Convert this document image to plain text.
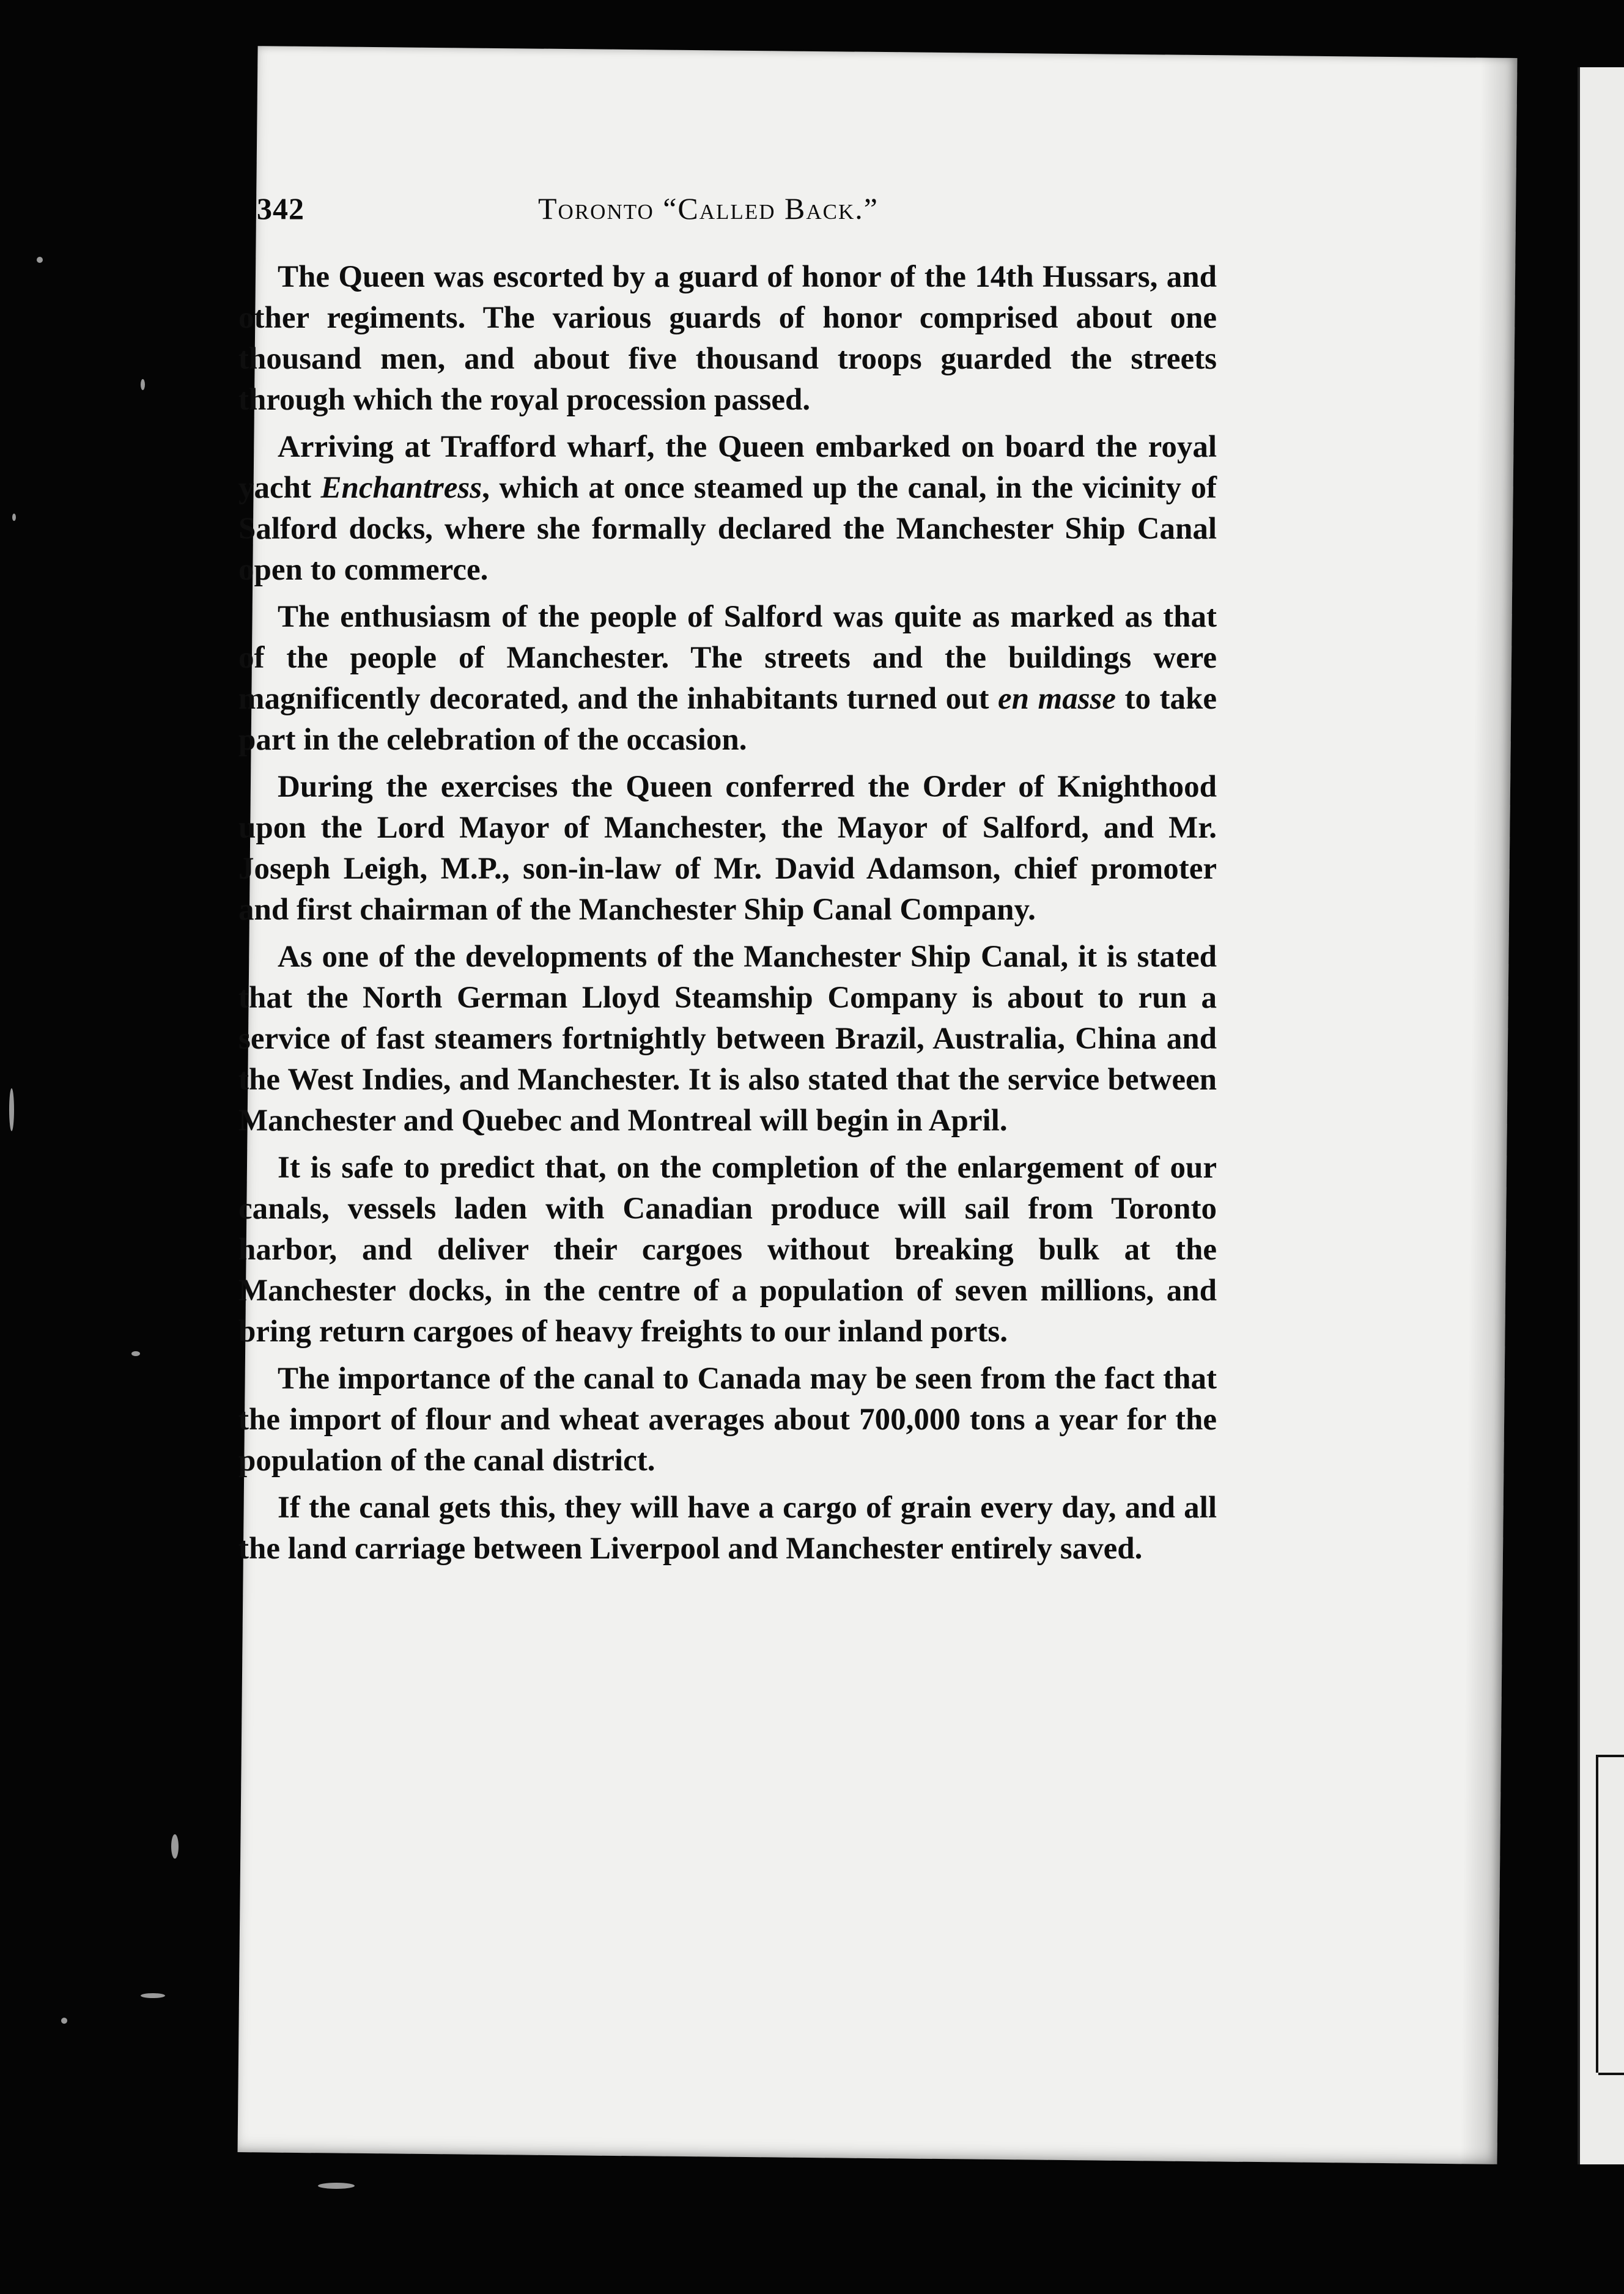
342	Toronto “Called Back.”

The Queen was escorted by a guard of honor of the 14th Hussars, and other regiments. The various guards of honor comprised about one thousand men, and about five thousand troops guarded the streets through which the royal procession passed.

Arriving at Trafford wharf, the Queen embarked on board the royal yacht Enchantress, which at once steamed up the canal, in the vicinity of Salford docks, where she formally declared the Manchester Ship Canal open to commerce.

The enthusiasm of the people of Salford was quite as marked as that of the people of Manchester. The streets and the buildings were magnificently decorated, and the inhabitants turned out en masse to take part in the celebration of the occasion.

During the exercises the Queen conferred the Order of Knighthood upon the Lord Mayor of Manchester, the Mayor of Salford, and Mr. Joseph Leigh, M.P., son-in-law of Mr. David Adamson, chief promoter and first chairman of the Manchester Ship Canal Company.

As one of the developments of the Manchester Ship Canal, it is stated that the North German Lloyd Steamship Company is about to run a service of fast steamers fortnightly between Brazil, Australia, China and the West Indies, and Manchester. It is also stated that the service between Manchester and Quebec and Montreal will begin in April.

It is safe to predict that, on the completion of the enlargement of our canals, vessels laden with Canadian produce will sail from Toronto harbor, and deliver their cargoes without breaking bulk at the Manchester docks, in the centre of a population of seven millions, and bring return cargoes of heavy freights to our inland ports.

The importance of the canal to Canada may be seen from the fact that the import of flour and wheat averages about 700,000 tons a year for the population of the canal district.

If the canal gets this, they will have a cargo of grain every day, and all the land carriage between Liverpool and Manchester entirely saved.
